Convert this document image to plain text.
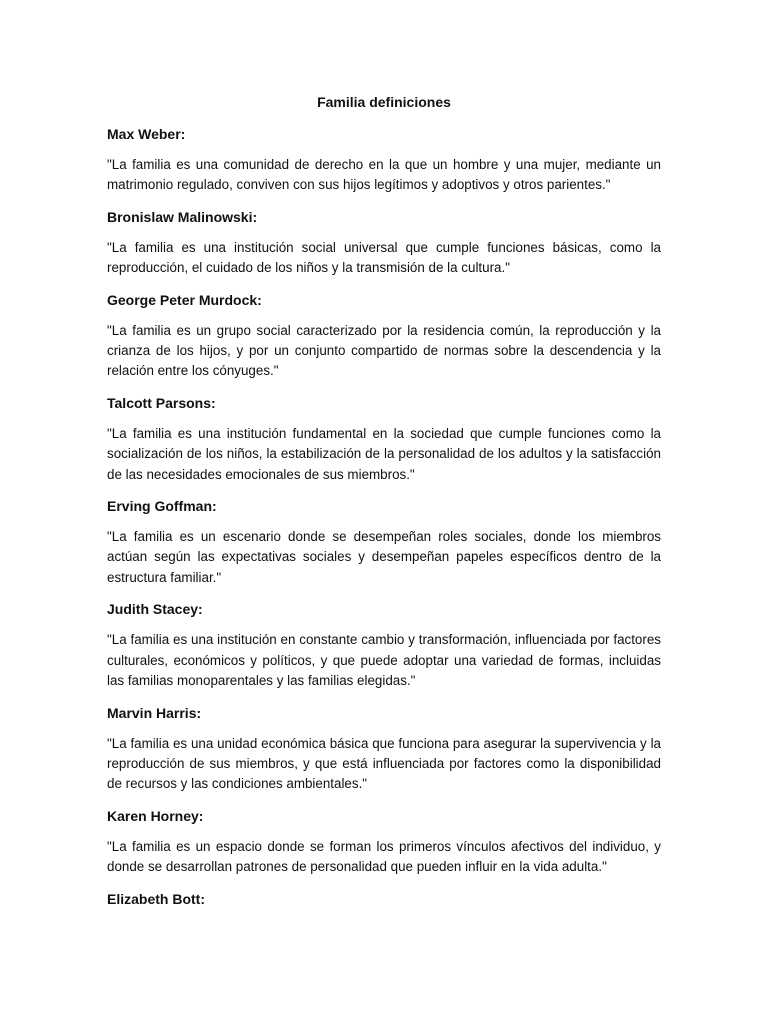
Familia definiciones
Max Weber:
"La familia es una comunidad de derecho en la que un hombre y una mujer, mediante un matrimonio regulado, conviven con sus hijos legítimos y adoptivos y otros parientes."
Bronislaw Malinowski:
"La familia es una institución social universal que cumple funciones básicas, como la reproducción, el cuidado de los niños y la transmisión de la cultura."
George Peter Murdock:
"La familia es un grupo social caracterizado por la residencia común, la reproducción y la crianza de los hijos, y por un conjunto compartido de normas sobre la descendencia y la relación entre los cónyuges."
Talcott Parsons:
"La familia es una institución fundamental en la sociedad que cumple funciones como la socialización de los niños, la estabilización de la personalidad de los adultos y la satisfacción de las necesidades emocionales de sus miembros."
Erving Goffman:
"La familia es un escenario donde se desempeñan roles sociales, donde los miembros actúan según las expectativas sociales y desempeñan papeles específicos dentro de la estructura familiar."
Judith Stacey:
"La familia es una institución en constante cambio y transformación, influenciada por factores culturales, económicos y políticos, y que puede adoptar una variedad de formas, incluidas las familias monoparentales y las familias elegidas."
Marvin Harris:
"La familia es una unidad económica básica que funciona para asegurar la supervivencia y la reproducción de sus miembros, y que está influenciada por factores como la disponibilidad de recursos y las condiciones ambientales."
Karen Horney:
"La familia es un espacio donde se forman los primeros vínculos afectivos del individuo, y donde se desarrollan patrones de personalidad que pueden influir en la vida adulta."
Elizabeth Bott:
